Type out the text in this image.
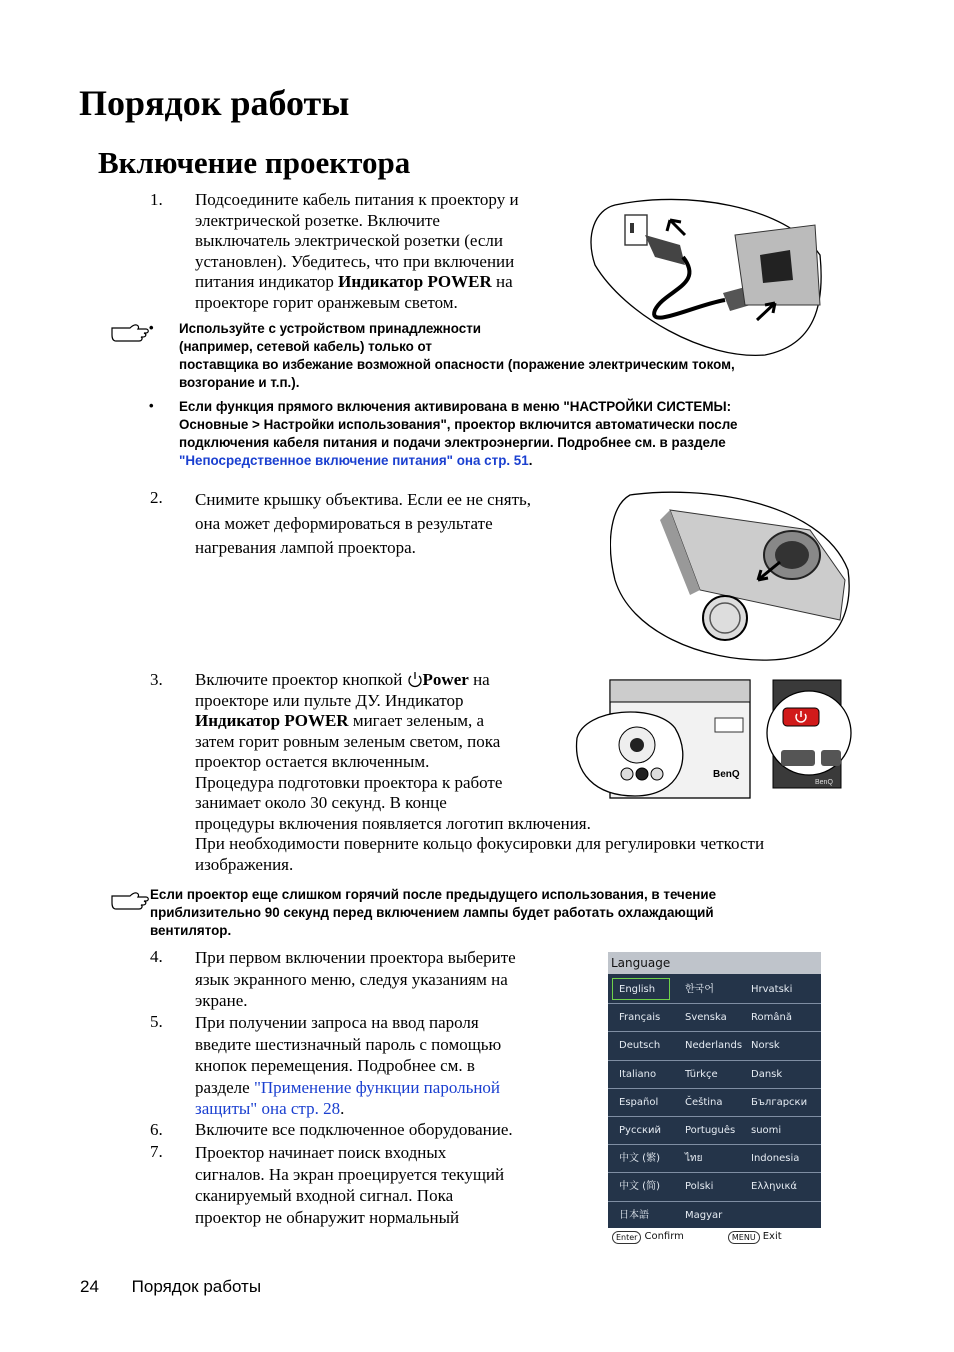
Порядок работы
Включение проектора
1. Подсоедините кабель питания к проектору и
электрической розетке. Включите
выключатель электрической розетки (если
установлен). Убедитесь, что при включении
питания индикатор Индикатор POWER на
проекторе горит оранжевым светом.
• Используйте с устройством принадлежности
(например, сетевой кабель) только от
поставщика во избежание возможной опасности (поражение электрическим током,
возгорание и т.п.).
• Если функция прямого включения активирована в меню "НАСТРОЙКИ СИСТЕМЫ:
Основные > Настройки использования", проектор включится автоматически после
подключения кабеля питания и подачи электроэнергии. Подробнее см. в разделе
"Непосредственное включение питания" она стр. 51.
2. Снимите крышку объектива. Если ее не снять,
она может деформироваться в результате
нагревания лампой проектора.
3. Включите проектор кнопкой Power на
проекторе или пульте ДУ. Индикатор
Индикатор POWER мигает зеленым, а
затем горит ровным зеленым светом, пока
проектор остается включенным.
Процедура подготовки проектора к работе
занимает около 30 секунд. В конце
процедуры включения появляется логотип включения.
При необходимости поверните кольцо фокусировки для регулировки четкости
изображения.
BenQ
BenQ
Если проектор еще слишком горячий после предыдущего использования, в течение
приблизительно 90 секунд перед включением лампы будет работать охлаждающий
вентилятор.
4. При первом включении проектора выберите
язык экранного меню, следуя указаниям на
экране.
5. При получении запроса на ввод пароля
введите шестизначный пароль с помощью
кнопок перемещения. Подробнее см. в
разделе "Применение функции парольной
защиты" она стр. 28.
6. Включите все подключенное оборудование.
7. Проектор начинает поиск входных
сигналов. На экран проецируется текущий
сканируемый входной сигнал. Пока
проектор не обнаружит нормальный
Language
English	한국어	Hrvatski
Français	Svenska	Română
Deutsch	Nederlands Norsk
Italiano	Türkçe	Dansk
Español	Čeština	Български
Русский	Português	suomi
中文 (繁)	ไทย	Indonesia
中文 (简)	Polski	Ελληνικά
日本語	Magyar
Enter Confirm	MENU Exit
24 Порядок работы
